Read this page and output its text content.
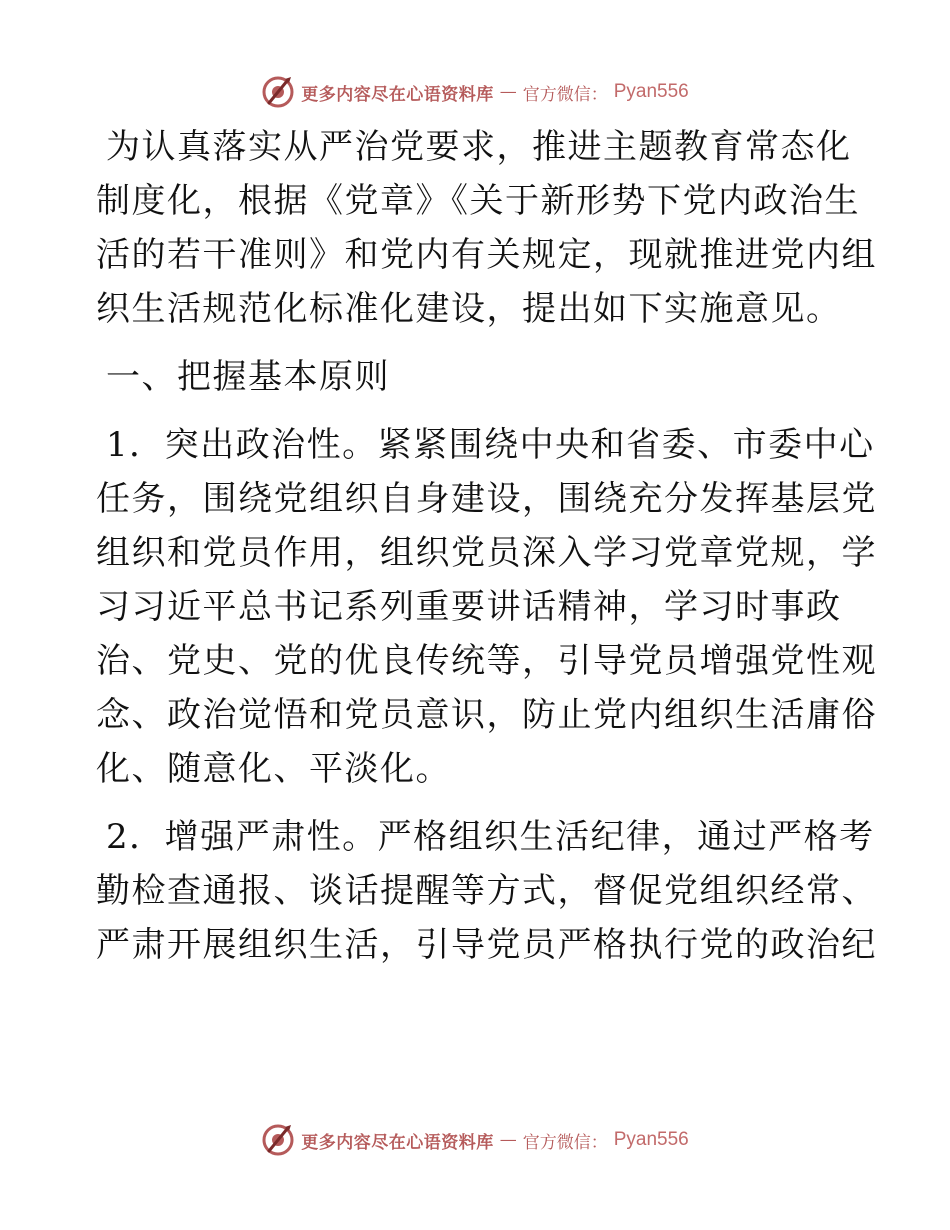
更多内容尽在心语资料库 — 官方微信： Pyan556
为认真落实从严治党要求，推进主题教育常态化
制度化，根据《党章》《关于新形势下党内政治生
活的若干准则》和党内有关规定，现就推进党内组
织生活规范化标准化建设，提出如下实施意见。
一、把握基本原则
1．突出政治性。紧紧围绕中央和省委、市委中心
任务，围绕党组织自身建设，围绕充分发挥基层党
组织和党员作用，组织党员深入学习党章党规，学
习习近平总书记系列重要讲话精神，学习时事政
治、党史、党的优良传统等，引导党员增强党性观
念、政治觉悟和党员意识，防止党内组织生活庸俗
化、随意化、平淡化。
2．增强严肃性。严格组织生活纪律，通过严格考
勤检查通报、谈话提醒等方式，督促党组织经常、
严肃开展组织生活，引导党员严格执行党的政治纪
更多内容尽在心语资料库 — 官方微信： Pyan556
